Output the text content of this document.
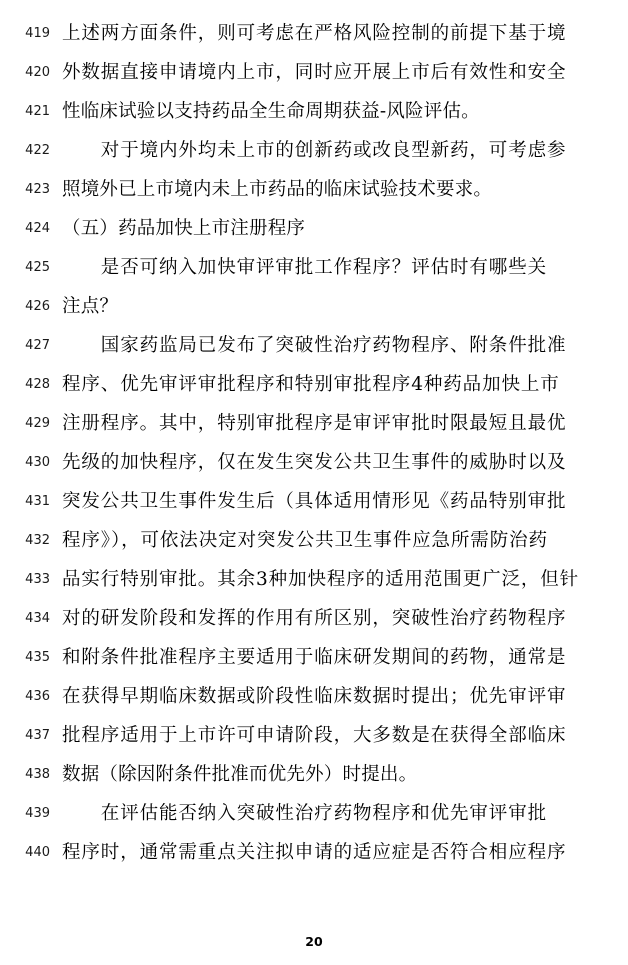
419 上述两方面条件，则可考虑在严格风险控制的前提下基于境
420 外数据直接申请境内上市，同时应开展上市后有效性和安全
421 性临床试验以支持药品全生命周期获益-风险评估。
422 　　对于境内外均未上市的创新药或改良型新药，可考虑参
423 照境外已上市境内未上市药品的临床试验技术要求。
424 （五）药品加快上市注册程序
425 　　是否可纳入加快审评审批工作程序？评估时有哪些关
426 注点？
427 　　国家药监局已发布了突破性治疗药物程序、附条件批准
428 程序、优先审评审批程序和特别审批程序4种药品加快上市
429 注册程序。其中，特别审批程序是审评审批时限最短且最优
430 先级的加快程序，仅在发生突发公共卫生事件的威胁时以及
431 突发公共卫生事件发生后（具体适用情形见《药品特别审批
432 程序》），可依法决定对突发公共卫生事件应急所需防治药
433 品实行特别审批。其余3种加快程序的适用范围更广泛，但针
434 对的研发阶段和发挥的作用有所区别，突破性治疗药物程序
435 和附条件批准程序主要适用于临床研发期间的药物，通常是
436 在获得早期临床数据或阶段性临床数据时提出；优先审评审
437 批程序适用于上市许可申请阶段，大多数是在获得全部临床
438 数据（除因附条件批准而优先外）时提出。
439 　　在评估能否纳入突破性治疗药物程序和优先审评审批
440 程序时，通常需重点关注拟申请的适应症是否符合相应程序
20
